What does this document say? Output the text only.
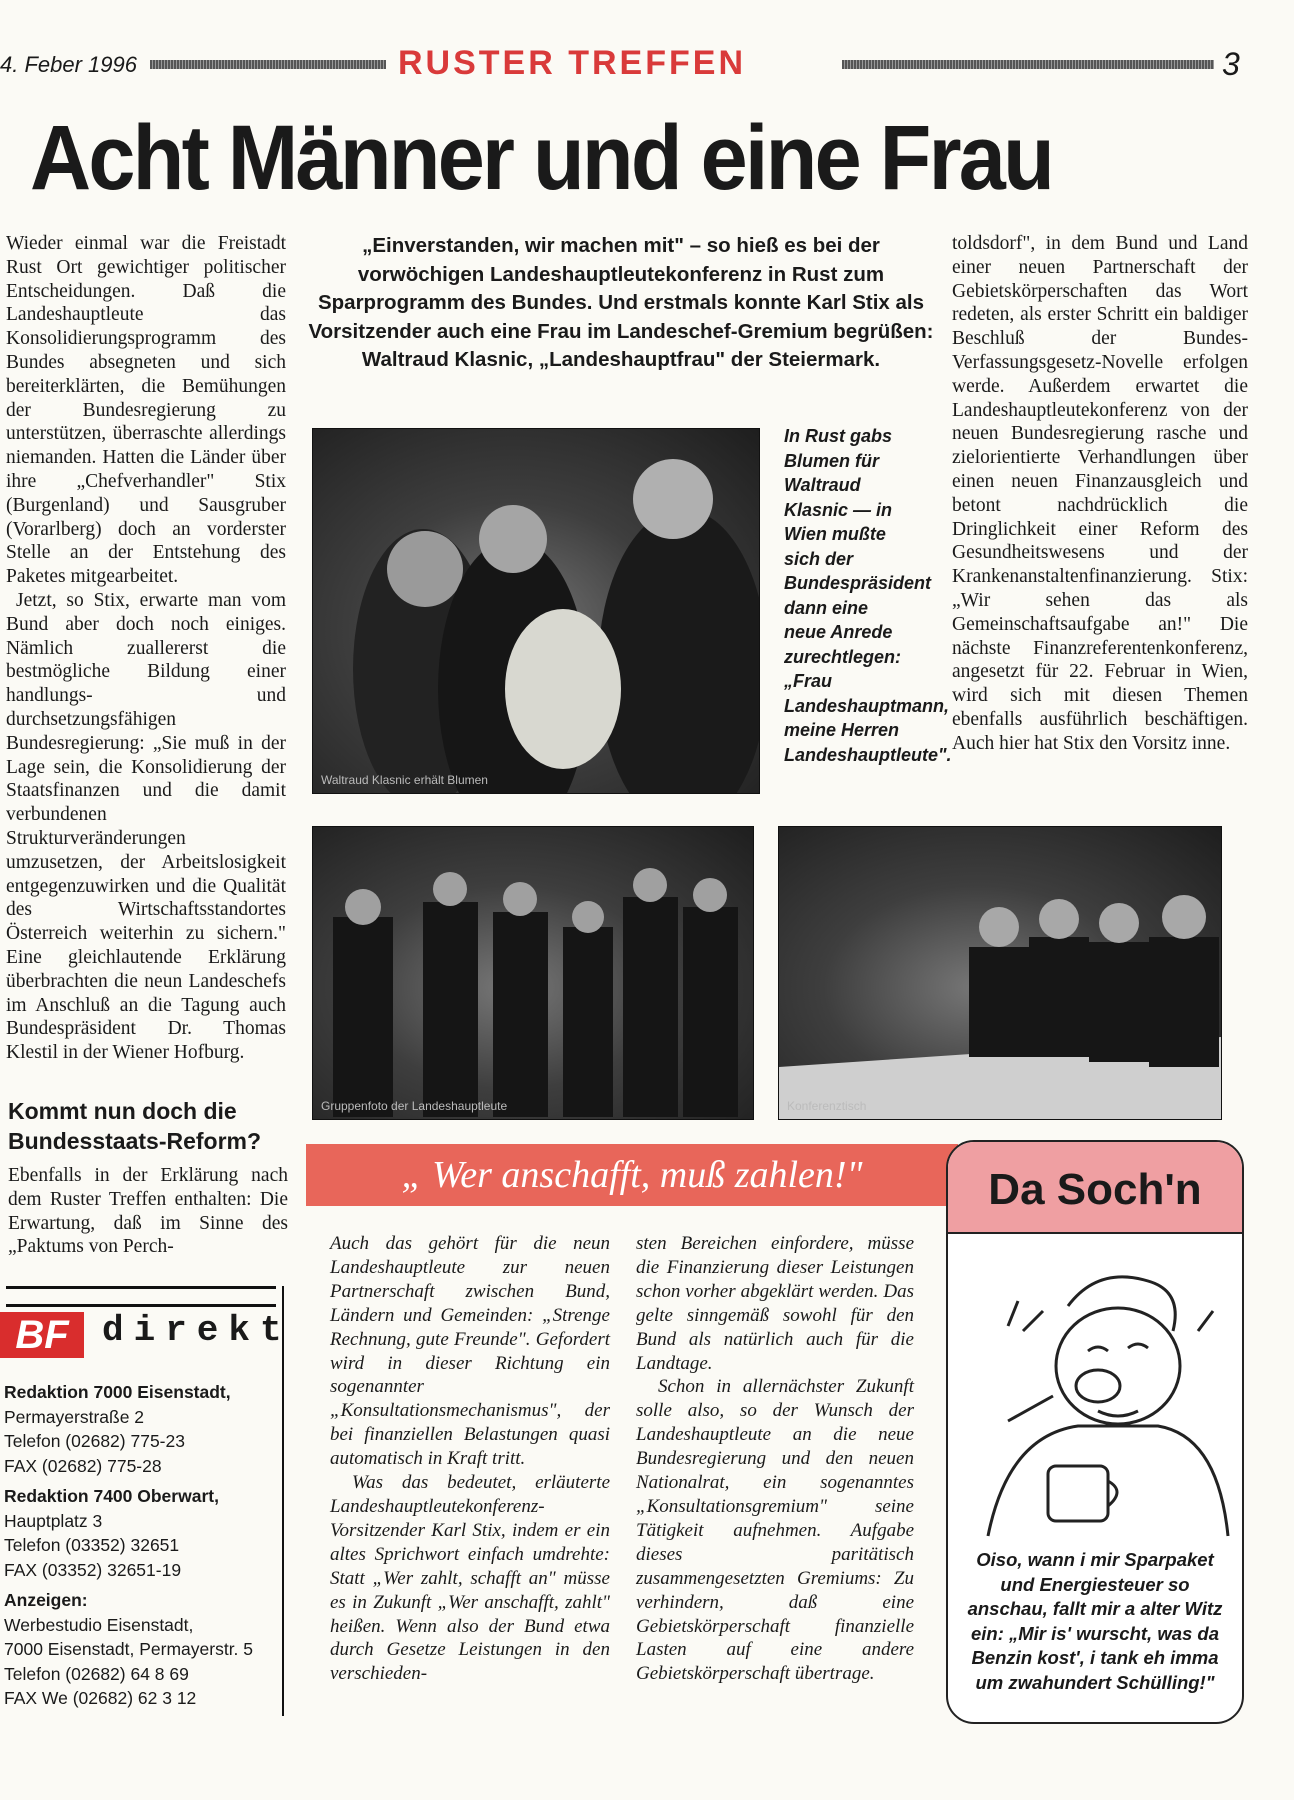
4. Feber 1996	RUSTER TREFFEN	3
Acht Männer und eine Frau

Wieder einmal war die Freistadt Rust Ort gewichtiger politischer Entscheidungen. Daß die Landeshauptleute das Konsolidierungsprogramm des Bundes absegneten und sich bereiterklärten, die Bemühungen der Bundesregierung zu unterstützen, überraschte allerdings niemanden. Hatten die Länder über ihre „Chefverhandler" Stix (Burgenland) und Sausgruber (Vorarlberg) doch an vorderster Stelle an der Entstehung des Paketes mitgearbeitet.

Jetzt, so Stix, erwarte man vom Bund aber doch noch einiges. Nämlich zuallererst die bestmögliche Bildung einer handlungs- und durchsetzungsfähigen Bundesregierung: „Sie muß in der Lage sein, die Konsolidierung der Staatsfinanzen und die damit verbundenen Strukturveränderungen umzusetzen, der Arbeitslosigkeit entgegenzuwirken und die Qualität des Wirtschaftsstandortes Österreich weiterhin zu sichern." Eine gleichlautende Erklärung überbrachten die neun Landeschefs im Anschluß an die Tagung auch Bundespräsident Dr. Thomas Klestil in der Wiener Hofburg.

Kommt nun doch die Bundesstaats-Reform?

Ebenfalls in der Erklärung nach dem Ruster Treffen enthalten: Die Erwartung, daß im Sinne des „Paktums von Perch-

„Einverstanden, wir machen mit" – so hieß es bei der vorwöchigen Landeshauptleutekonferenz in Rust zum Sparprogramm des Bundes. Und erstmals konnte Karl Stix als Vorsitzender auch eine Frau im Landeschef-Gremium begrüßen: Waltraud Klasnic, „Landeshauptfrau" der Steiermark.
Waltraud Klasnic erhält Blumen
In Rust gabs Blumen für Waltraud Klasnic — in Wien mußte sich der Bundespräsident dann eine neue Anrede zurechtlegen: „Frau Landeshauptmann, meine Herren Landeshauptleute".
Gruppenfoto der Landeshauptleute	Konferenztisch

toldsdorf", in dem Bund und Land einer neuen Partnerschaft der Gebietskörperschaften das Wort redeten, als erster Schritt ein baldiger Beschluß der Bundes-Verfassungsgesetz-Novelle erfolgen werde. Außerdem erwartet die Landeshauptleutekonferenz von der neuen Bundesregierung rasche und zielorientierte Verhandlungen über einen neuen Finanzausgleich und betont nachdrücklich die Dringlichkeit einer Reform des Gesundheitswesens und der Krankenanstaltenfinanzierung. Stix: „Wir sehen das als Gemeinschaftsaufgabe an!" Die nächste Finanzreferentenkonferenz, angesetzt für 22. Februar in Wien, wird sich mit diesen Themen ebenfalls ausführlich beschäftigen. Auch hier hat Stix den Vorsitz inne.

„ Wer anschafft, muß zahlen!"

Auch das gehört für die neun Landeshauptleute zur neuen Partnerschaft zwischen Bund, Ländern und Gemeinden: „Strenge Rechnung, gute Freunde". Gefordert wird in dieser Richtung ein sogenannter „Konsultationsmechanismus", der bei finanziellen Belastungen quasi automatisch in Kraft tritt.

Was das bedeutet, erläuterte Landeshauptleutekonferenz-Vorsitzender Karl Stix, indem er ein altes Sprichwort einfach umdrehte: Statt „Wer zahlt, schafft an" müsse es in Zukunft „Wer anschafft, zahlt" heißen. Wenn also der Bund etwa durch Gesetze Leistungen in den verschieden-

sten Bereichen einfordere, müsse die Finanzierung dieser Leistungen schon vorher abgeklärt werden. Das gelte sinngemäß sowohl für den Bund als natürlich auch für die Landtage.

Schon in allernächster Zukunft solle also, so der Wunsch der Landeshauptleute an die neue Bundesregierung und den neuen Nationalrat, ein sogenanntes „Konsultationsgremium" seine Tätigkeit aufnehmen. Aufgabe dieses paritätisch zusammengesetzten Gremiums: Zu verhindern, daß eine Gebietskörperschaft finanzielle Lasten auf eine andere Gebietskörperschaft übertrage.

BF direkt
Redaktion 7000 Eisenstadt,
Permayerstraße 2
Telefon (02682) 775-23
FAX (02682) 775-28
Redaktion 7400 Oberwart,
Hauptplatz 3
Telefon (03352) 32651
FAX (03352) 32651-19
Anzeigen:
Werbestudio Eisenstadt,
7000 Eisenstadt, Permayerstr. 5
Telefon (02682) 64 8 69
FAX We (02682) 62 3 12
Da Soch'n
Oiso, wann i mir Sparpaket und Energiesteuer so anschau, fallt mir a alter Witz ein: „Mir is' wurscht, was da Benzin kost', i tank eh imma um zwahundert Schülling!"
